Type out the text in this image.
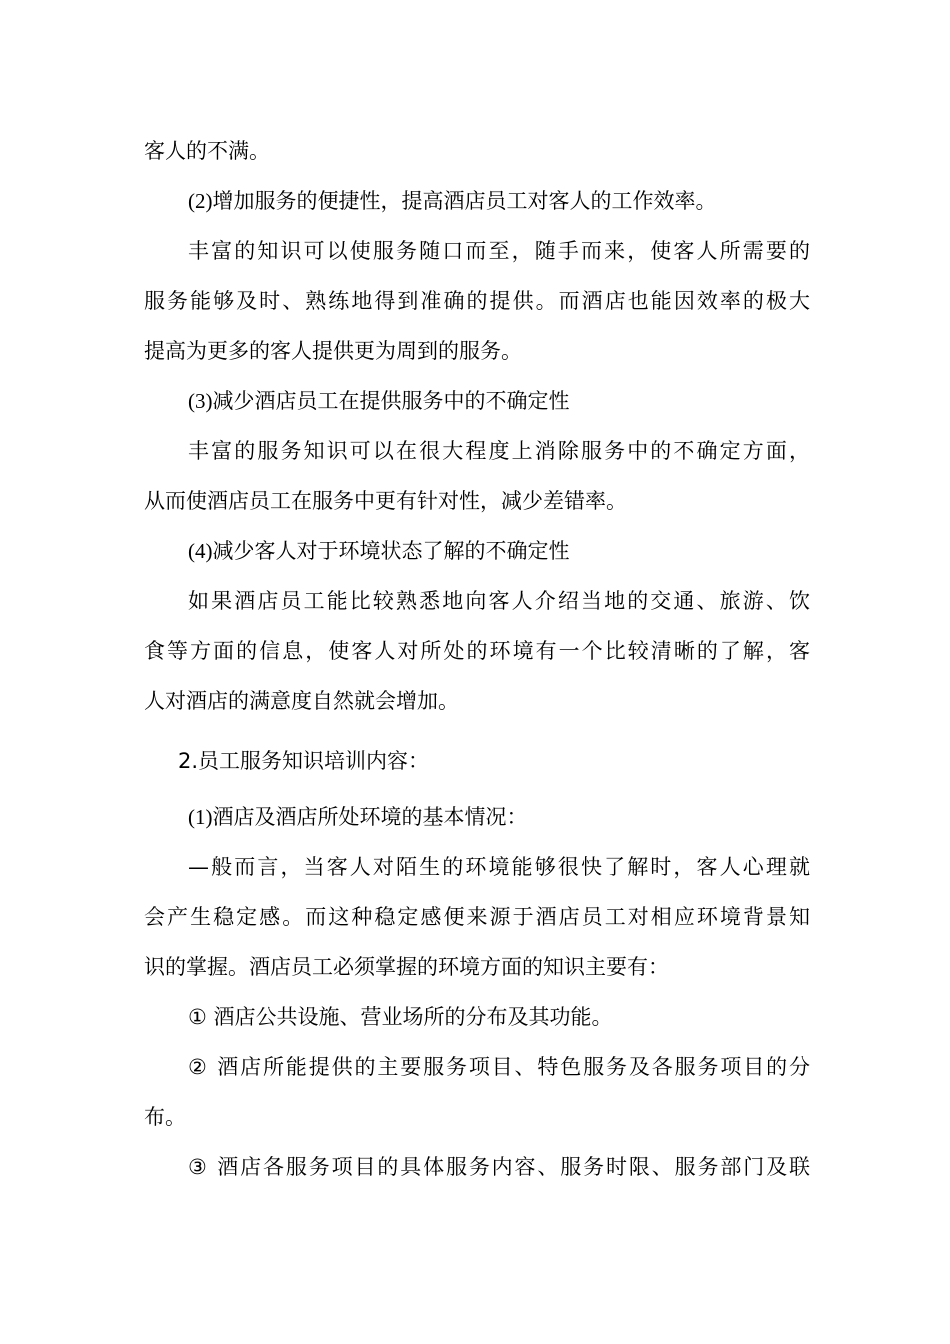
客人的不满。
(2)增加服务的便捷性，提高酒店员工对客人的工作效率。
丰富的知识可以使服务随口而至，随手而来，使客人所需要的
服务能够及时、熟练地得到准确的提供。而酒店也能因效率的极大
提高为更多的客人提供更为周到的服务。
(3)减少酒店员工在提供服务中的不确定性
丰富的服务知识可以在很大程度上消除服务中的不确定方面，
从而使酒店员工在服务中更有针对性，减少差错率。
(4)减少客人对于环境状态了解的不确定性
如果酒店员工能比较熟悉地向客人介绍当地的交通、旅游、饮
食等方面的信息，使客人对所处的环境有一个比较清晰的了解，客
人对酒店的满意度自然就会增加。
2.员工服务知识培训内容：
(1)酒店及酒店所处环境的基本情况：
—般而言，当客人对陌生的环境能够很快了解时，客人心理就
会产生稳定感。而这种稳定感便来源于酒店员工对相应环境背景知
识的掌握。酒店员工必须掌握的环境方面的知识主要有：
① 酒店公共设施、营业场所的分布及其功能。
② 酒店所能提供的主要服务项目、特色服务及各服务项目的分
布。
③ 酒店各服务项目的具体服务内容、服务时限、服务部门及联
